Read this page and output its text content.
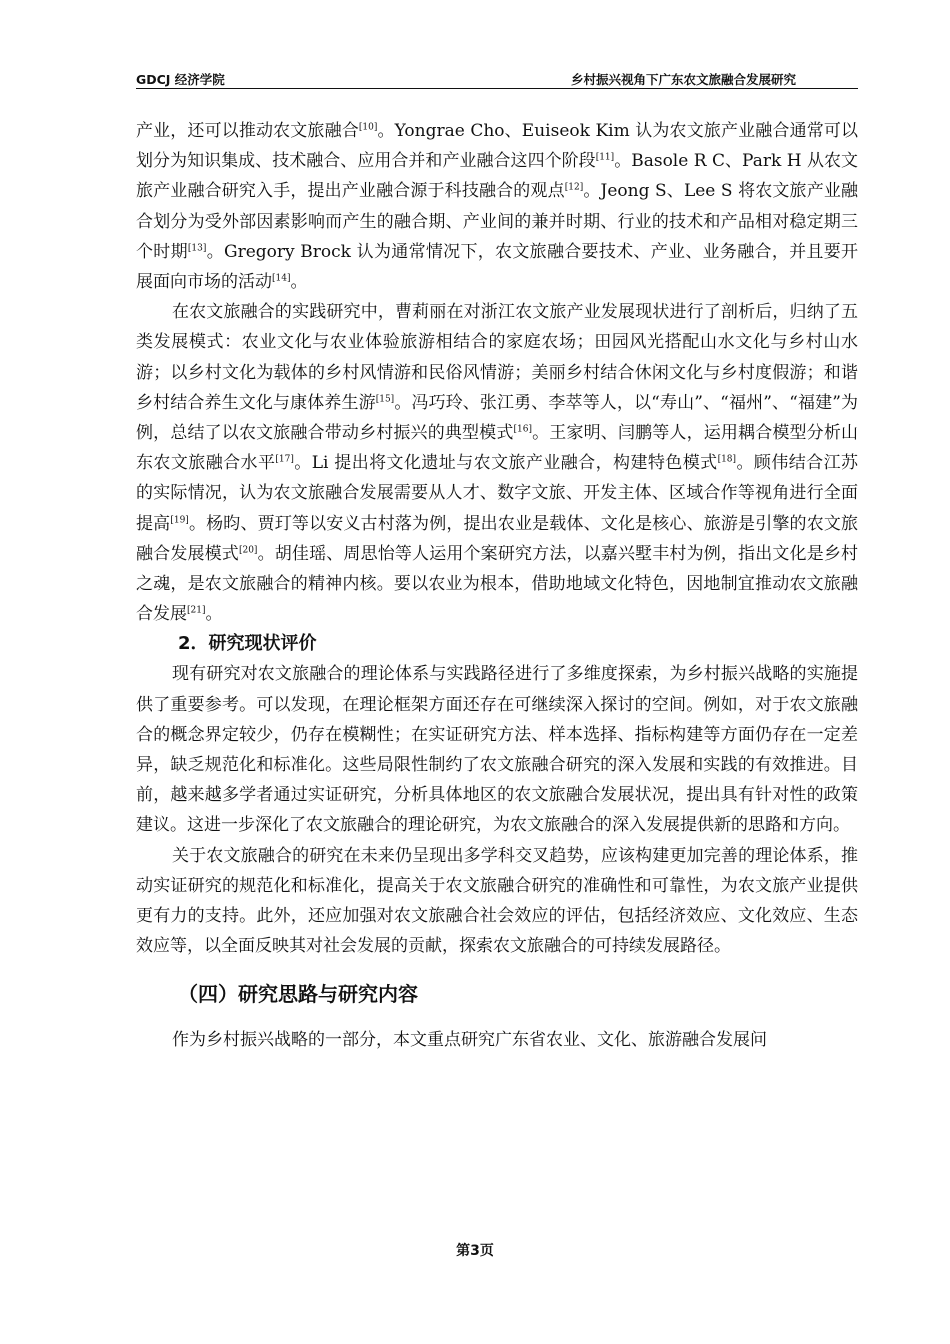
GDCJ 经济学院	乡村振兴视角下广东农文旅融合发展研究

产业，还可以推动农文旅融合[10]。Yongrae Cho、Euiseok Kim 认为农文旅产业融合通常可以划分为知识集成、技术融合、应用合并和产业融合这四个阶段[11]。Basole R C、Park H 从农文旅产业融合研究入手，提出产业融合源于科技融合的观点[12]。Jeong S、Lee S 将农文旅产业融合划分为受外部因素影响而产生的融合期、产业间的兼并时期、行业的技术和产品相对稳定期三个时期[13]。Gregory Brock 认为通常情况下，农文旅融合要技术、产业、业务融合，并且要开展面向市场的活动[14]。

在农文旅融合的实践研究中，曹莉丽在对浙江农文旅产业发展现状进行了剖析后，归纳了五类发展模式：农业文化与农业体验旅游相结合的家庭农场；田园风光搭配山水文化与乡村山水游；以乡村文化为载体的乡村风情游和民俗风情游；美丽乡村结合休闲文化与乡村度假游；和谐乡村结合养生文化与康体养生游[15]。冯巧玲、张江勇、李萃等人，以“寿山”、“福州”、“福建”为例，总结了以农文旅融合带动乡村振兴的典型模式[16]。王家明、闫鹏等人，运用耦合模型分析山东农文旅融合水平[17]。Li 提出将文化遗址与农文旅产业融合，构建特色模式[18]。顾伟结合江苏的实际情况，认为农文旅融合发展需要从人才、数字文旅、开发主体、区域合作等视角进行全面提高[19]。杨昀、贾玎等以安义古村落为例，提出农业是载体、文化是核心、旅游是引擎的农文旅融合发展模式[20]。胡佳瑶、周思怡等人运用个案研究方法，以嘉兴墅丰村为例，指出文化是乡村之魂，是农文旅融合的精神内核。要以农业为根本，借助地域文化特色，因地制宜推动农文旅融合发展[21]。

2．研究现状评价

现有研究对农文旅融合的理论体系与实践路径进行了多维度探索，为乡村振兴战略的实施提供了重要参考。可以发现，在理论框架方面还存在可继续深入探讨的空间。例如，对于农文旅融合的概念界定较少，仍存在模糊性；在实证研究方法、样本选择、指标构建等方面仍存在一定差异，缺乏规范化和标准化。这些局限性制约了农文旅融合研究的深入发展和实践的有效推进。目前，越来越多学者通过实证研究，分析具体地区的农文旅融合发展状况，提出具有针对性的政策建议。这进一步深化了农文旅融合的理论研究，为农文旅融合的深入发展提供新的思路和方向。

关于农文旅融合的研究在未来仍呈现出多学科交叉趋势，应该构建更加完善的理论体系，推动实证研究的规范化和标准化，提高关于农文旅融合研究的准确性和可靠性，为农文旅产业提供更有力的支持。此外，还应加强对农文旅融合社会效应的评估，包括经济效应、文化效应、生态效应等，以全面反映其对社会发展的贡献，探索农文旅融合的可持续发展路径。

（四）研究思路与研究内容

作为乡村振兴战略的一部分，本文重点研究广东省农业、文化、旅游融合发展问

第3页
